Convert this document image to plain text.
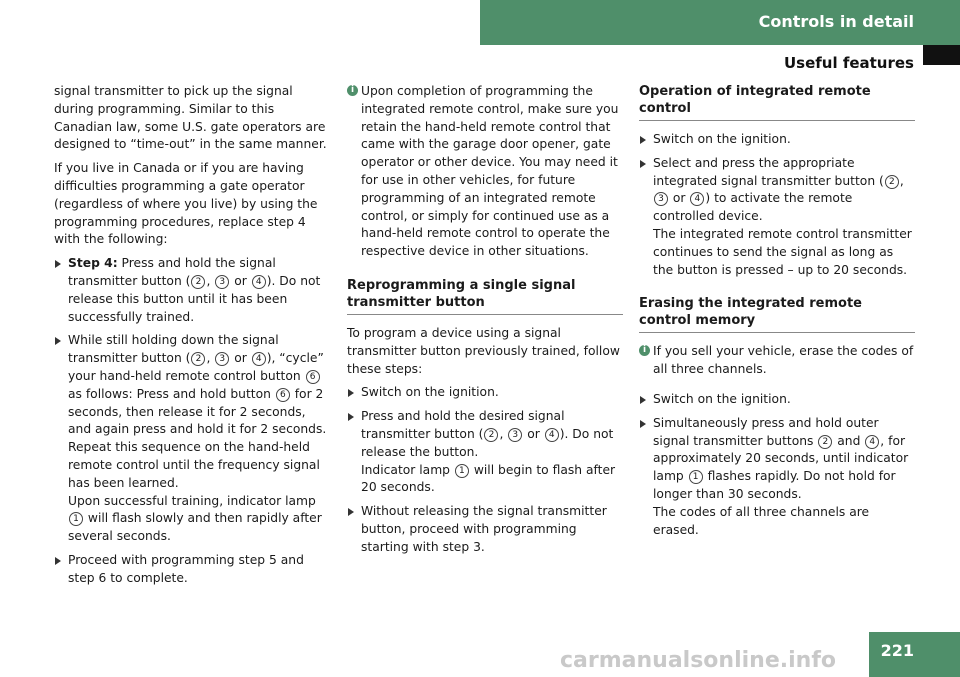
Controls in detail
Useful features

signal transmitter to pick up the signal during programming. Similar to this Canadian law, some U.S. gate operators are designed to “time-out” in the same manner.

If you live in Canada or if you are having difficulties programming a gate operator (regardless of where you live) by using the programming procedures, replace step 4 with the following:

Step 4: Press and hold the signal transmitter button ( 2 , 3 or 4 ). Do not release this button until it has been successfully trained.
While still holding down the signal transmitter button ( 2 , 3 or 4 ), “cycle” your hand-held remote control button 6 as follows: Press and hold button 6 for 2 seconds, then release it for 2 seconds, and again press and hold it for 2 seconds. Repeat this sequence on the hand-held remote control until the frequency signal has been learned.
Upon successful training, indicator lamp 1 will flash slowly and then rapidly after several seconds.
Proceed with programming step 5 and step 6 to complete.
i Upon completion of programming the integrated remote control, make sure you retain the hand-held remote control that came with the garage door opener, gate operator or other device. You may need it for use in other vehicles, for future programming of an integrated remote control, or simply for continued use as a hand-held remote control to operate the respective device in other situations.
Reprogramming a single signal transmitter button

To program a device using a signal transmitter button previously trained, follow these steps:

Switch on the ignition.
Press and hold the desired signal transmitter button ( 2 , 3 or 4 ). Do not release the button.
Indicator lamp 1 will begin to flash after 20 seconds.
Without releasing the signal transmitter button, proceed with programming starting with step 3.
Operation of integrated remote control
Switch on the ignition.
Select and press the appropriate integrated signal transmitter button ( 2 , 3 or 4 ) to activate the remote controlled device.
The integrated remote control transmitter continues to send the signal as long as the button is pressed – up to 20 seconds.
Erasing the integrated remote control memory
i If you sell your vehicle, erase the codes of all three channels.
Switch on the ignition.
Simultaneously press and hold outer signal transmitter buttons 2 and 4 , for approximately 20 seconds, until indicator lamp 1 flashes rapidly. Do not hold for longer than 30 seconds.
The codes of all three channels are erased.
221
carmanualsonline.info
